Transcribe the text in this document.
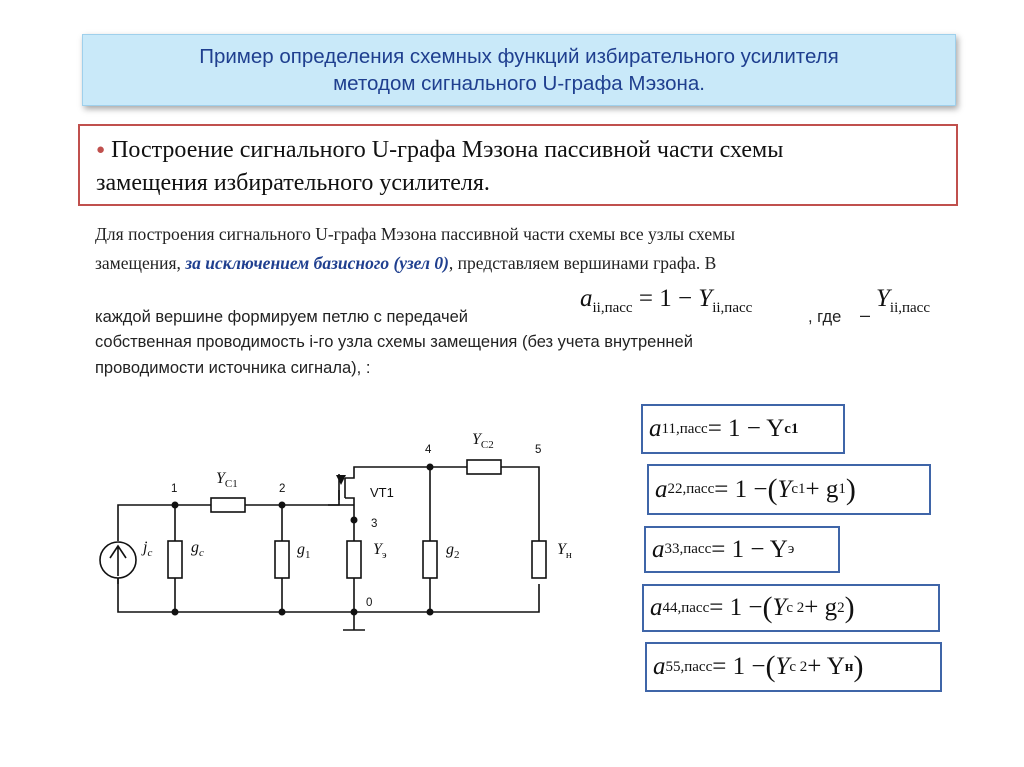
Пример определения схемных функций избирательного усилителя
методом сигнального U-графа Мэзона.
● Построение сигнального U-графа Мэзона пассивной части схемы
замещения избирательного усилителя.
Для построения сигнального U-графа Мэзона пассивной части схемы все узлы схемы
замещения, за исключением базисного (узел 0), представляем вершинами графа. В
каждой вершине формируем петлю с передачей
$a_{ii,пасс} = 1 - Y_{ii,пасс}$	, где –
$Y_{ii,пасс}$
собственная проводимость i-го узла схемы замещения (без учета внутренней
проводимости источника сигнала), :
1	2
3
4	5
0
VT1
$Y_{C1}$
$Y_{C2}$
$j_c$ $g_c$	$g_1$	$Y_э$	$g_2$	$Y_н$
a 11,пасс = 1 − Y c1
a 22,пасс = 1 − ( Y c1 + g 1 )
a 33,пасс = 1 − Y э
a 44,пасс = 1 − ( Y c 2 + g 2 )
a 55,пасс = 1 − ( Y c 2 + Y н )
